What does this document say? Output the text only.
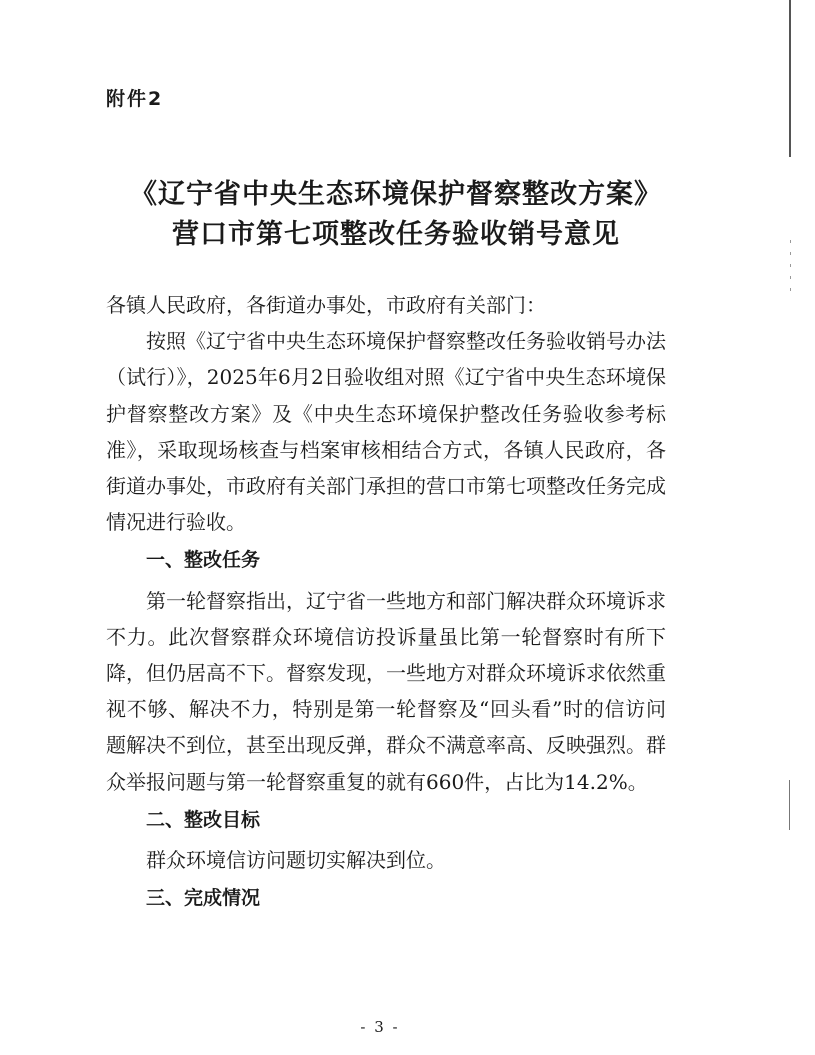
附件2
《辽宁省中央生态环境保护督察整改方案》
营口市第七项整改任务验收销号意见

各镇人民政府，各街道办事处，市政府有关部门：

按照《辽宁省中央生态环境保护督察整改任务验收销号办法 （试行）》，2025年6月2日验收组对照《辽宁省中央生态环境保护督察整改方案》及《中央生态环境保护整改任务验收参考标准》，采取现场核查与档案审核相结合方式，各镇人民政府，各街道办事处，市政府有关部门承担的营口市第七项整改任务完成情况进行验收。

一、整改任务

第一轮督察指出，辽宁省一些地方和部门解决群众环境诉求不力。此次督察群众环境信访投诉量虽比第一轮督察时有所下降，但仍居高不下。督察发现，一些地方对群众环境诉求依然重视不够、解决不力，特别是第一轮督察及“回头看”时的信访问题解决不到位，甚至出现反弹，群众不满意率高、反映强烈。群众举报问题与第一轮督察重复的就有660件，占比为14.2%。

二、整改目标

群众环境信访问题切实解决到位。

三、完成情况

- 3 -
